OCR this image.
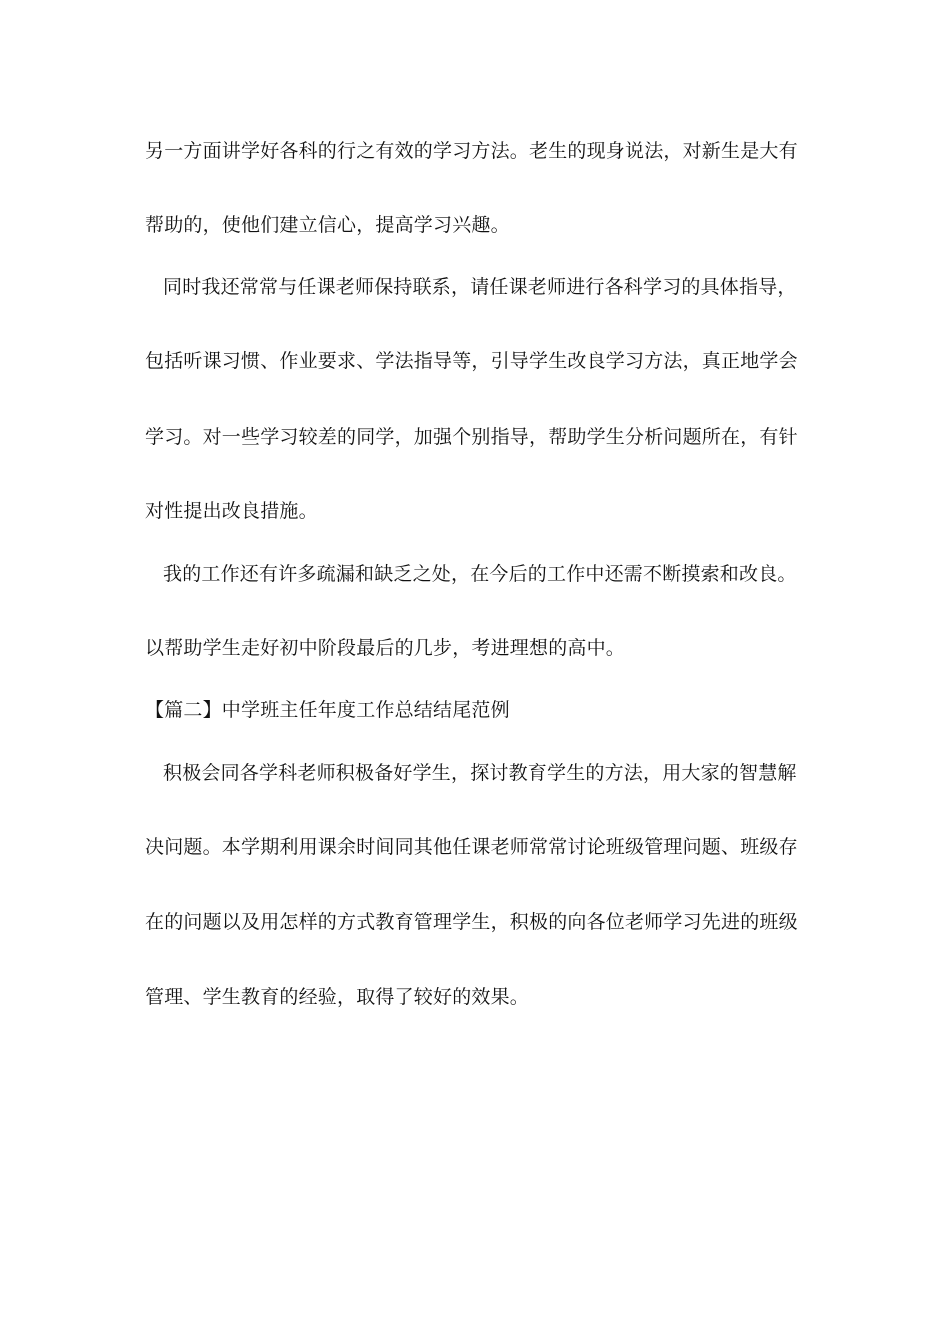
另一方面讲学好各科的行之有效的学习方法。老生的现身说法，对新生是大有
帮助的，使他们建立信心，提高学习兴趣。
同时我还常常与任课老师保持联系，请任课老师进行各科学习的具体指导，
包括听课习惯、作业要求、学法指导等，引导学生改良学习方法，真正地学会
学习。对一些学习较差的同学，加强个别指导，帮助学生分析问题所在，有针
对性提出改良措施。
我的工作还有许多疏漏和缺乏之处，在今后的工作中还需不断摸索和改良。
以帮助学生走好初中阶段最后的几步，考进理想的高中。
【篇二】中学班主任年度工作总结结尾范例
积极会同各学科老师积极备好学生，探讨教育学生的方法，用大家的智慧解
决问题。本学期利用课余时间同其他任课老师常常讨论班级管理问题、班级存
在的问题以及用怎样的方式教育管理学生，积极的向各位老师学习先进的班级
管理、学生教育的经验，取得了较好的效果。
